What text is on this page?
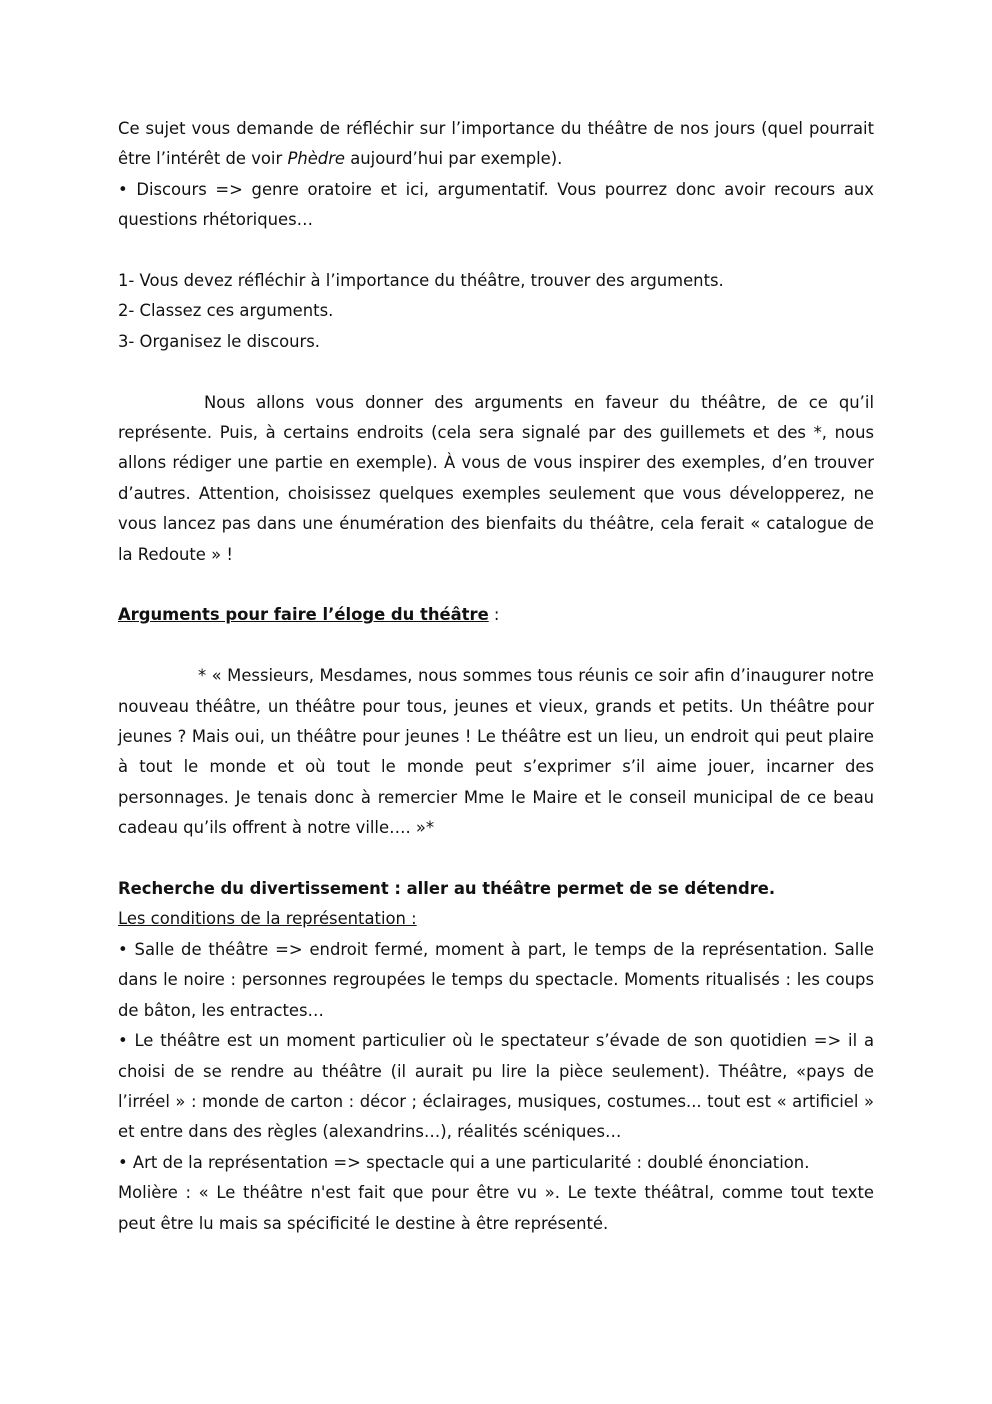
Ce sujet vous demande de réfléchir sur l’importance du théâtre de nos jours (quel pourrait être l’intérêt de voir Phèdre aujourd’hui par exemple).

• Discours => genre oratoire et ici, argumentatif. Vous pourrez donc avoir recours aux questions rhétoriques…

1- Vous devez réfléchir à l’importance du théâtre, trouver des arguments.

2- Classez ces arguments.

3- Organisez le discours.

Nous allons vous donner des arguments en faveur du théâtre, de ce qu’il représente. Puis, à certains endroits (cela sera signalé par des guillemets et des *, nous allons rédiger une partie en exemple). À vous de vous inspirer des exemples, d’en trouver d’autres. Attention, choisissez quelques exemples seulement que vous développerez, ne vous lancez pas dans une énumération des bienfaits du théâtre, cela ferait « catalogue de la Redoute » !

Arguments pour faire l’éloge du théâtre :

* « Messieurs, Mesdames, nous sommes tous réunis ce soir afin d’inaugurer notre nouveau théâtre, un théâtre pour tous, jeunes et vieux, grands et petits. Un théâtre pour jeunes ? Mais oui, un théâtre pour jeunes ! Le théâtre est un lieu, un endroit qui peut plaire à tout le monde et où tout le monde peut s’exprimer s’il aime jouer, incarner des personnages. Je tenais donc à remercier Mme le Maire et le conseil municipal de ce beau cadeau qu’ils offrent à notre ville…. »*

Recherche du divertissement : aller au théâtre permet de se détendre.

Les conditions de la représentation :

• Salle de théâtre => endroit fermé, moment à part, le temps de la représentation. Salle dans le noire : personnes regroupées le temps du spectacle. Moments ritualisés : les coups de bâton, les entractes…

• Le théâtre est un moment particulier où le spectateur s’évade de son quotidien => il a choisi de se rendre au théâtre (il aurait pu lire la pièce seulement). Théâtre, «pays de l’irréel » : monde de carton : décor ; éclairages, musiques, costumes... tout est « artificiel » et entre dans des règles (alexandrins…), réalités scéniques…

• Art de la représentation => spectacle qui a une particularité : doublé énonciation.

Molière : « Le théâtre n'est fait que pour être vu ». Le texte théâtral, comme tout texte peut être lu mais sa spécificité le destine à être représenté.
